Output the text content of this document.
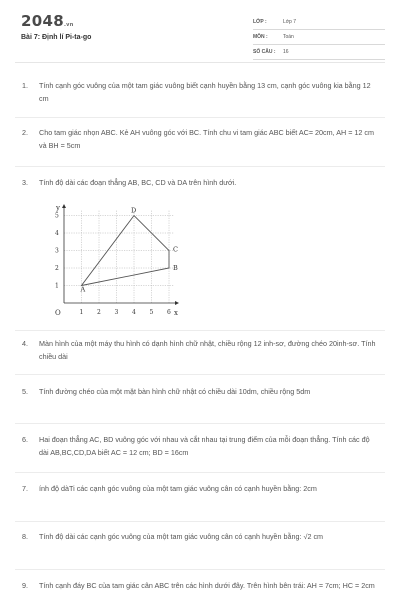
2048.vn
Bài 7: Định lí Pi-ta-go
LỚP :	Lớp 7
MÔN :	Toán
SỐ CÂU : 16
1. Tính cạnh góc vuông của một tam giác vuông biết cạnh huyền bằng 13 cm, cạnh góc vuông kia bằng 12 cm
2. Cho tam giác nhọn ABC. Kẻ AH vuông góc với BC. Tính chu vi tam giác ABC biết AC= 20cm, AH = 12 cm và BH = 5cm
3. Tính độ dài các đoạn thẳng AB, BC, CD và DA trên hình dưới.
x
y
O	1 2 3 4 5 6
1
2
3
4
5
A
B
C
D
4. Màn hình của một máy thu hình có dạnh hình chữ nhật, chiều rộng 12 inh-sơ, đường chéo 20inh-sơ. Tính chiều dài
5. Tính đường chéo của một mặt bàn hình chữ nhật có chiều dài 10dm, chiều rộng 5dm
6. Hai đoạn thẳng AC, BD vuông góc với nhau và cắt nhau tại trung điểm của mỗi đoạn thẳng. Tính các độ dài AB,BC,CD,DA biết AC = 12 cm; BD = 16cm
7. ính độ dàTi các cạnh góc vuông của một tam giác vuông cân có cạnh huyền bằng: 2cm
8. Tính độ dài các cạnh góc vuông của một tam giác vuông cân có cạnh huyền bằng: √2 cm
9. Tính cạnh đáy BC của tam giác cân ABC trên các hình dưới đây. Trên hình bên trái: AH = 7cm; HC = 2cm
